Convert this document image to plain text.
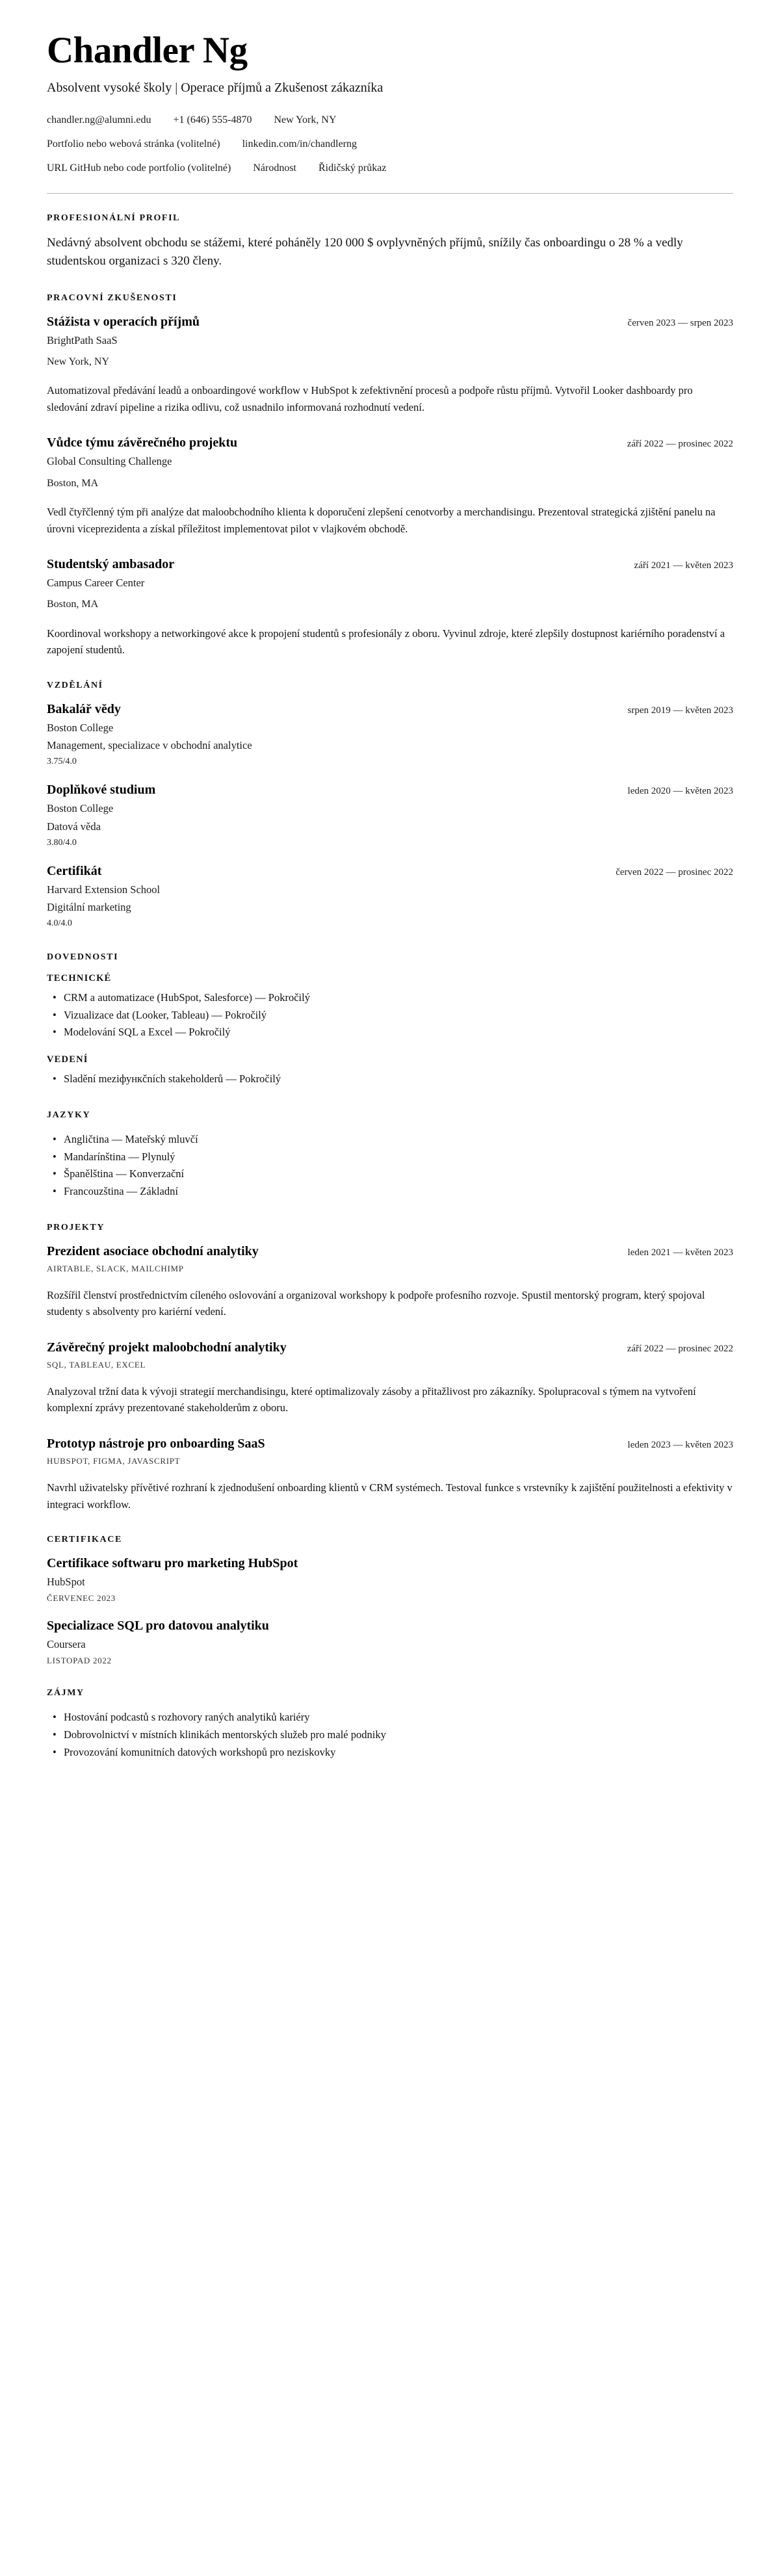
Chandler Ng
Absolvent vysoké školy | Operace příjmů a Zkušenost zákazníka
chandler.ng@alumni.edu +1 (646) 555-4870 New York, NY
Portfolio nebo webová stránka (volitelné) linkedin.com/in/chandlerng
URL GitHub nebo code portfolio (volitelné) Národnost Řidičský průkaz
PROFESIONÁLNÍ PROFIL

Nedávný absolvent obchodu se stážemi, které poháněly 120 000 $ ovplyvněných příjmů, snížily čas onboardingu o 28 % a vedly studentskou organizaci s 320 členy.

PRACOVNÍ ZKUŠENOSTI
Stážista v operacích příjmů	červen 2023 — srpen 2023
BrightPath SaaS
New York, NY
Automatizoval předávání leadů a onboardingové workflow v HubSpot k zefektivnění procesů a podpoře růstu příjmů. Vytvořil Looker dashboardy pro sledování zdraví pipeline a rizika odlivu, což usnadnilo informovaná rozhodnutí vedení.
Vůdce týmu závěrečného projektu	září 2022 — prosinec 2022
Global Consulting Challenge
Boston, MA
Vedl čtyřčlenný tým při analýze dat maloobchodního klienta k doporučení zlepšení cenotvorby a merchandisingu. Prezentoval strategická zjištění panelu na úrovni viceprezidenta a získal příležitost implementovat pilot v vlajkovém obchodě.
Studentský ambasador	září 2021 — květen 2023
Campus Career Center
Boston, MA
Koordinoval workshopy a networkingové akce k propojení studentů s profesionály z oboru. Vyvinul zdroje, které zlepšily dostupnost kariérního poradenství a zapojení studentů.
VZDĚLÁNÍ
Bakalář vědy	srpen 2019 — květen 2023
Boston College
Management, specializace v obchodní analytice
3.75/4.0
Doplňkové studium	leden 2020 — květen 2023
Boston College
Datová věda
3.80/4.0
Certifikát	červen 2022 — prosinec 2022
Harvard Extension School
Digitální marketing
4.0/4.0
DOVEDNOSTI
TECHNICKÉ
• CRM a automatizace (HubSpot, Salesforce) — Pokročilý
• Vizualizace dat (Looker, Tableau) — Pokročilý
• Modelování SQL a Excel — Pokročilý
VEDENÍ
• Sladění mezіфункčních stakeholderů — Pokročilý
JAZYKY
• Angličtina — Mateřský mluvčí
• Mandarínština — Plynulý
• Španělština — Konverzační
• Francouzština — Základní
PROJEKTY
Prezident asociace obchodní analytiky	leden 2021 — květen 2023
AIRTABLE, SLACK, MAILCHIMP
Rozšířil členství prostřednictvím cíleného oslovování a organizoval workshopy k podpoře profesního rozvoje. Spustil mentorský program, který spojoval studenty s absolventy pro kariérní vedení.
Závěrečný projekt maloobchodní analytiky	září 2022 — prosinec 2022
SQL, TABLEAU, EXCEL
Analyzoval tržní data k vývoji strategií merchandisingu, které optimalizovaly zásoby a přitažlivost pro zákazníky. Spolupracoval s týmem na vytvoření komplexní zprávy prezentované stakeholderům z oboru.
Prototyp nástroje pro onboarding SaaS	leden 2023 — květen 2023
HUBSPOT, FIGMA, JAVASCRIPT
Navrhl uživatelsky přívětivé rozhraní k zjednodušení onboarding klientů v CRM systémech. Testoval funkce s vrstevníky k zajištění použitelnosti a efektivity v integraci workflow.
CERTIFIKACE
Certifikace softwaru pro marketing HubSpot
HubSpot
ČERVENEC 2023
Specializace SQL pro datovou analytiku
Coursera
LISTOPAD 2022
ZÁJMY
• Hostování podcastů s rozhovory raných analytiků kariéry
• Dobrovolnictví v místních klinikách mentorských služeb pro malé podniky
• Provozování komunitních datových workshopů pro neziskovky
